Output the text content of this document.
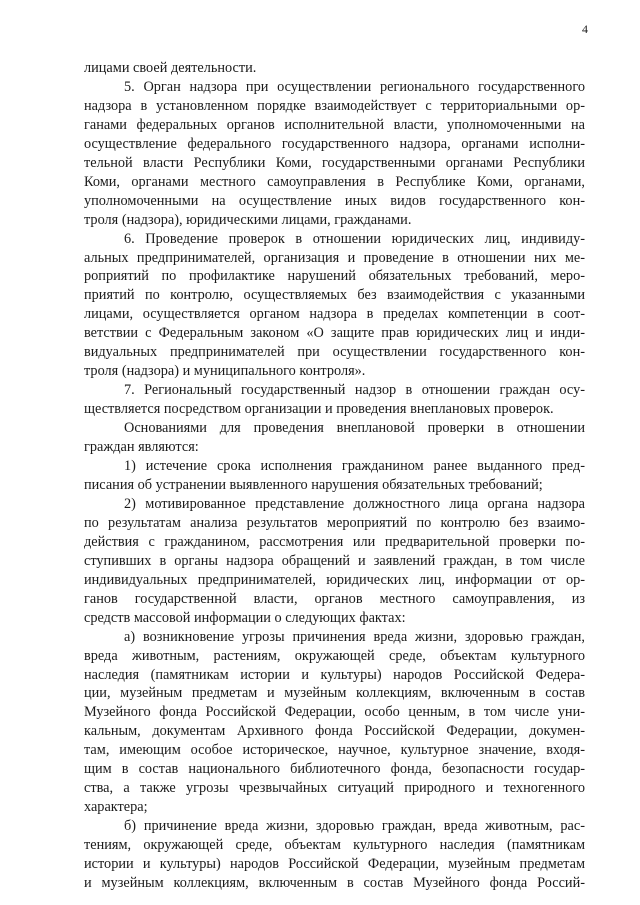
4
лицами своей деятельности.
5. Орган надзора при осуществлении регионального государственного
надзора в установленном порядке взаимодействует с территориальными ор-
ганами федеральных органов исполнительной власти, уполномоченными на
осуществление федерального государственного надзора, органами исполни-
тельной власти Республики Коми, государственными органами Республики
Коми, органами местного самоуправления в Республике Коми, органами,
уполномоченными на осуществление иных видов государственного кон-
троля (надзора), юридическими лицами, гражданами.
6. Проведение проверок в отношении юридических лиц, индивиду-
альных предпринимателей, организация и проведение в отношении них ме-
роприятий по профилактике нарушений обязательных требований, меро-
приятий по контролю, осуществляемых без взаимодействия с указанными
лицами, осуществляется органом надзора в пределах компетенции в соот-
ветствии с Федеральным законом «О защите прав юридических лиц и инди-
видуальных предпринимателей при осуществлении государственного кон-
троля (надзора) и муниципального контроля».
7. Региональный государственный надзор в отношении граждан осу-
ществляется посредством организации и проведения внеплановых проверок.
Основаниями для проведения внеплановой проверки в отношении
граждан являются:
1) истечение срока исполнения гражданином ранее выданного пред-
писания об устранении выявленного нарушения обязательных требований;
2) мотивированное представление должностного лица органа надзора
по результатам анализа результатов мероприятий по контролю без взаимо-
действия с гражданином, рассмотрения или предварительной проверки по-
ступивших в органы надзора обращений и заявлений граждан, в том числе
индивидуальных предпринимателей, юридических лиц, информации от ор-
ганов государственной власти, органов местного самоуправления, из
средств массовой информации о следующих фактах:
а) возникновение угрозы причинения вреда жизни, здоровью граждан,
вреда животным, растениям, окружающей среде, объектам культурного
наследия (памятникам истории и культуры) народов Российской Федера-
ции, музейным предметам и музейным коллекциям, включенным в состав
Музейного фонда Российской Федерации, особо ценным, в том числе уни-
кальным, документам Архивного фонда Российской Федерации, докумен-
там, имеющим особое историческое, научное, культурное значение, входя-
щим в состав национального библиотечного фонда, безопасности государ-
ства, а также угрозы чрезвычайных ситуаций природного и техногенного
характера;
б) причинение вреда жизни, здоровью граждан, вреда животным, рас-
тениям, окружающей среде, объектам культурного наследия (памятникам
истории и культуры) народов Российской Федерации, музейным предметам
и музейным коллекциям, включенным в состав Музейного фонда Россий-
